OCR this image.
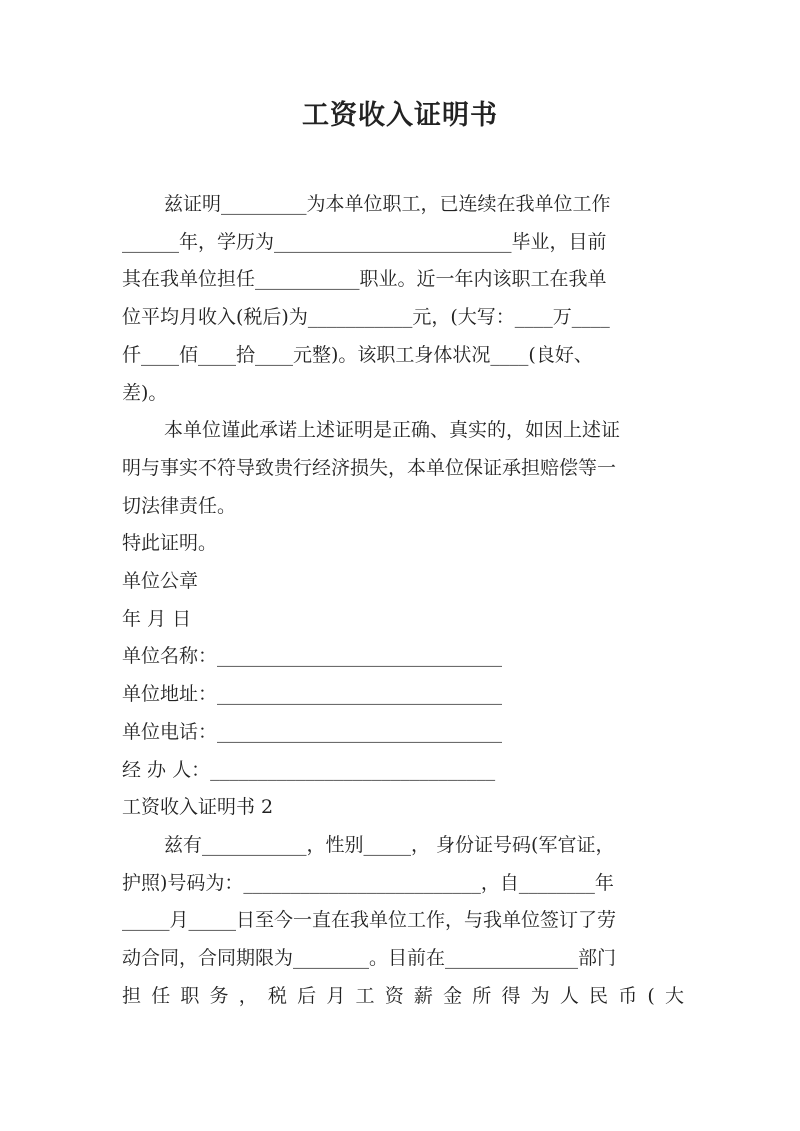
工资收入证明书

兹证明_________为本单位职工，已连续在我单位工作

______年，学历为_________________________毕业，目前

其在我单位担任___________职业。近一年内该职工在我单

位平均月收入(税后)为___________元，(大写：____万____

仟____佰____拾____元整)。该职工身体状况____(良好、

差)。

本单位谨此承诺上述证明是正确、真实的，如因上述证

明与事实不符导致贵行经济损失，本单位保证承担赔偿等一

切法律责任。

特此证明。

单位公章

年 月 日

单位名称：______________________________

单位地址：______________________________

单位电话：______________________________

经 办 人：______________________________

工资收入证明书 2

兹有___________，性别_____， 身份证号码(军官证，

护照)号码为：_________________________，自________年

_____月_____日至今一直在我单位工作，与我单位签订了劳

动合同，合同期限为________。目前在______________部门

担任职务，税后月工资薪金所得为人民币(大
